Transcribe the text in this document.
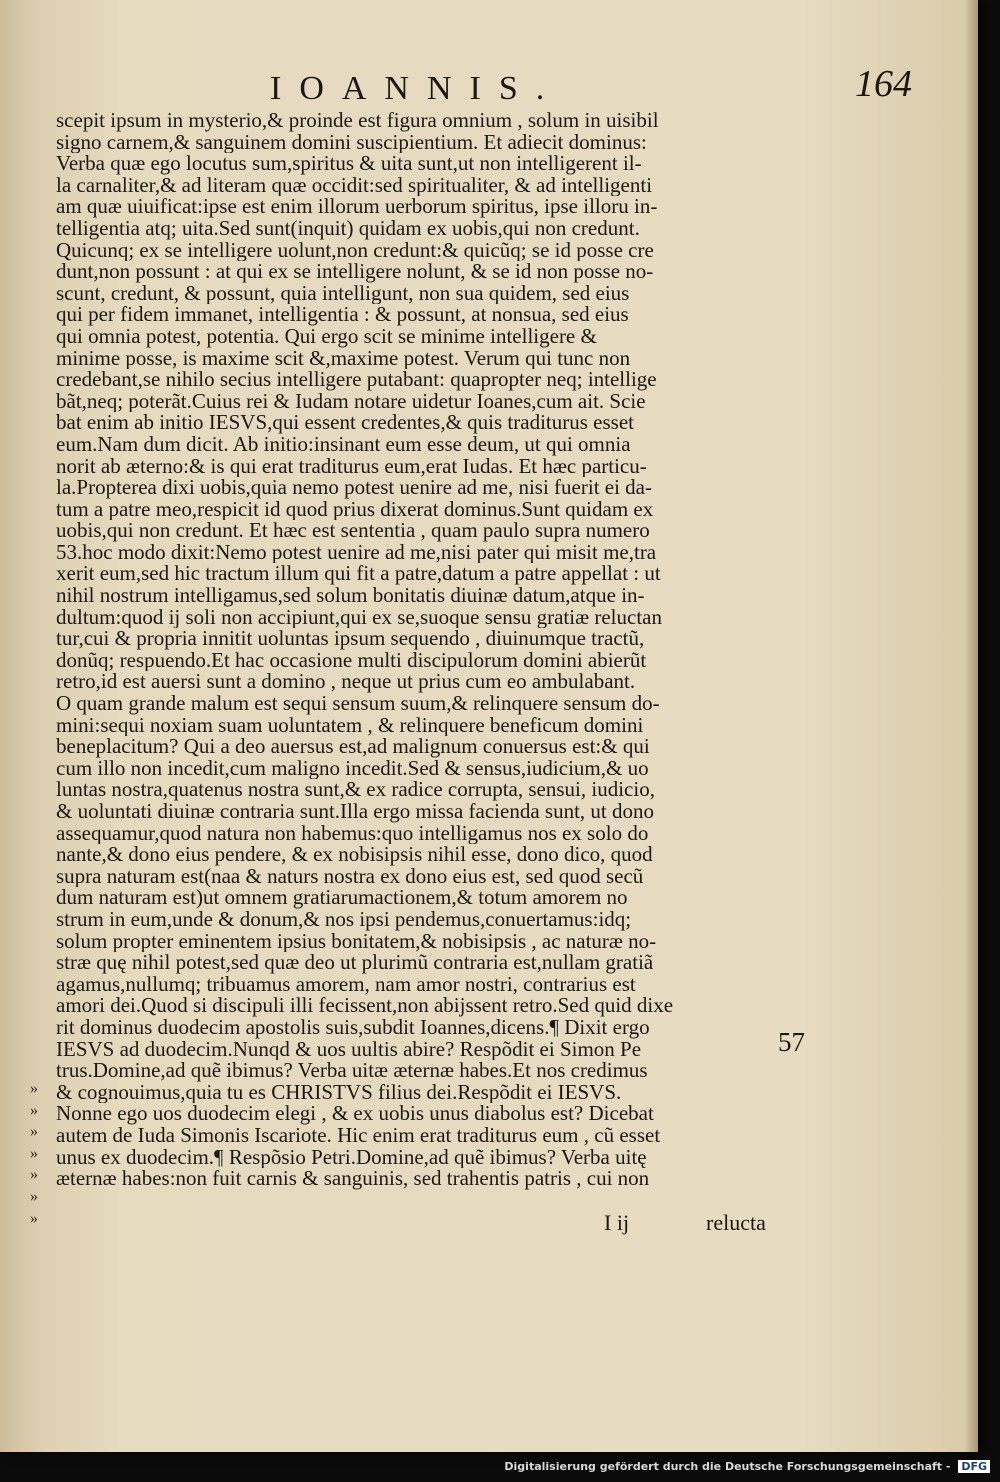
IOANNIS.	164
scepit ipsum in mysterio,& proinde est figura omnium , solum in uisibil
signo carnem,& sanguinem domini suscipientium. Et adiecit dominus:
Verba quæ ego locutus sum,spiritus & uita sunt,ut non intelligerent il-
la carnaliter,& ad literam quæ occidit:sed spiritualiter, & ad intelligenti
am quæ uiuificat:ipse est enim illorum uerborum spiritus, ipse illoru in-
telligentia atq; uita.Sed sunt(inquit) quidam ex uobis,qui non credunt.
Quicunq; ex se intelligere uolunt,non credunt:& quicũq; se id posse cre
dunt,non possunt : at qui ex se intelligere nolunt, & se id non posse no-
scunt, credunt, & possunt, quia intelligunt, non sua quidem, sed eius
qui per fidem immanet, intelligentia : & possunt, at nonsua, sed eius
qui omnia potest, potentia. Qui ergo scit se minime intelligere &
minime posse, is maxime scit &,maxime potest. Verum qui tunc non
credebant,se nihilo secius intelligere putabant: quapropter neq; intellige
bãt,neq; poterãt.Cuius rei & Iudam notare uidetur Ioanes,cum ait. Scie
bat enim ab initio IESVS,qui essent credentes,& quis traditurus esset
eum.Nam dum dicit. Ab initio:insinant eum esse deum, ut qui omnia
norit ab æterno:& is qui erat traditurus eum,erat Iudas. Et hæc particu-
la.Propterea dixi uobis,quia nemo potest uenire ad me, nisi fuerit ei da-
tum a patre meo,respicit id quod prius dixerat dominus.Sunt quidam ex
uobis,qui non credunt. Et hæc est sententia , quam paulo supra numero
53.hoc modo dixit:Nemo potest uenire ad me,nisi pater qui misit me,tra
xerit eum,sed hic tractum illum qui fit a patre,datum a patre appellat : ut
nihil nostrum intelligamus,sed solum bonitatis diuinæ datum,atque in-
dultum:quod ij soli non accipiunt,qui ex se,suoque sensu gratiæ reluctan
tur,cui & propria innitit uoluntas ipsum sequendo , diuinumque tractũ,
donũq; respuendo.Et hac occasione multi discipulorum domini abierũt
retro,id est auersi sunt a domino , neque ut prius cum eo ambulabant.
O quam grande malum est sequi sensum suum,& relinquere sensum do-
mini:sequi noxiam suam uoluntatem , & relinquere beneficum domini
beneplacitum? Qui a deo auersus est,ad malignum conuersus est:& qui
cum illo non incedit,cum maligno incedit.Sed & sensus,iudicium,& uo
luntas nostra,quatenus nostra sunt,& ex radice corrupta, sensui, iudicio,
& uoluntati diuinæ contraria sunt.Illa ergo missa facienda sunt, ut dono
assequamur,quod natura non habemus:quo intelligamus nos ex solo do
nante,& dono eius pendere, & ex nobisipsis nihil esse, dono dico, quod
supra naturam est(naa & naturs nostra ex dono eius est, sed quod secũ
dum naturam est)ut omnem gratiarumactionem,& totum amorem no
strum in eum,unde & donum,& nos ipsi pendemus,conuertamus:idq;
solum propter eminentem ipsius bonitatem,& nobisipsis , ac naturæ no-
stræ quę nihil potest,sed quæ deo ut plurimũ contraria est,nullam gratiã
agamus,nullumq; tribuamus amorem, nam amor nostri, contrarius est
amori dei.Quod si discipuli illi fecissent,non abijssent retro.Sed quid dixe
rit dominus duodecim apostolis suis,subdit Ioannes,dicens.¶ Dixit ergo
IESVS ad duodecim.Nunqd & uos uultis abire? Respõdit ei Simon Pe
trus.Domine,ad quẽ ibimus? Verba uitæ æternæ habes.Et nos credimus
& cognouimus,quia tu es CHRISTVS filius dei.Respõdit ei IESVS.
Nonne ego uos duodecim elegi , & ex uobis unus diabolus est? Dicebat
autem de Iuda Simonis Iscariote. Hic enim erat traditurus eum , cũ esset
unus ex duodecim.¶ Respõsio Petri.Domine,ad quẽ ibimus? Verba uitę
æternæ habes:non fuit carnis & sanguinis, sed trahentis patris , cui non
»
»
»
»
»
»
»
57
I ij	relucta
Digitalisierung gefördert durch die Deutsche Forschungsgemeinschaft - DFG
